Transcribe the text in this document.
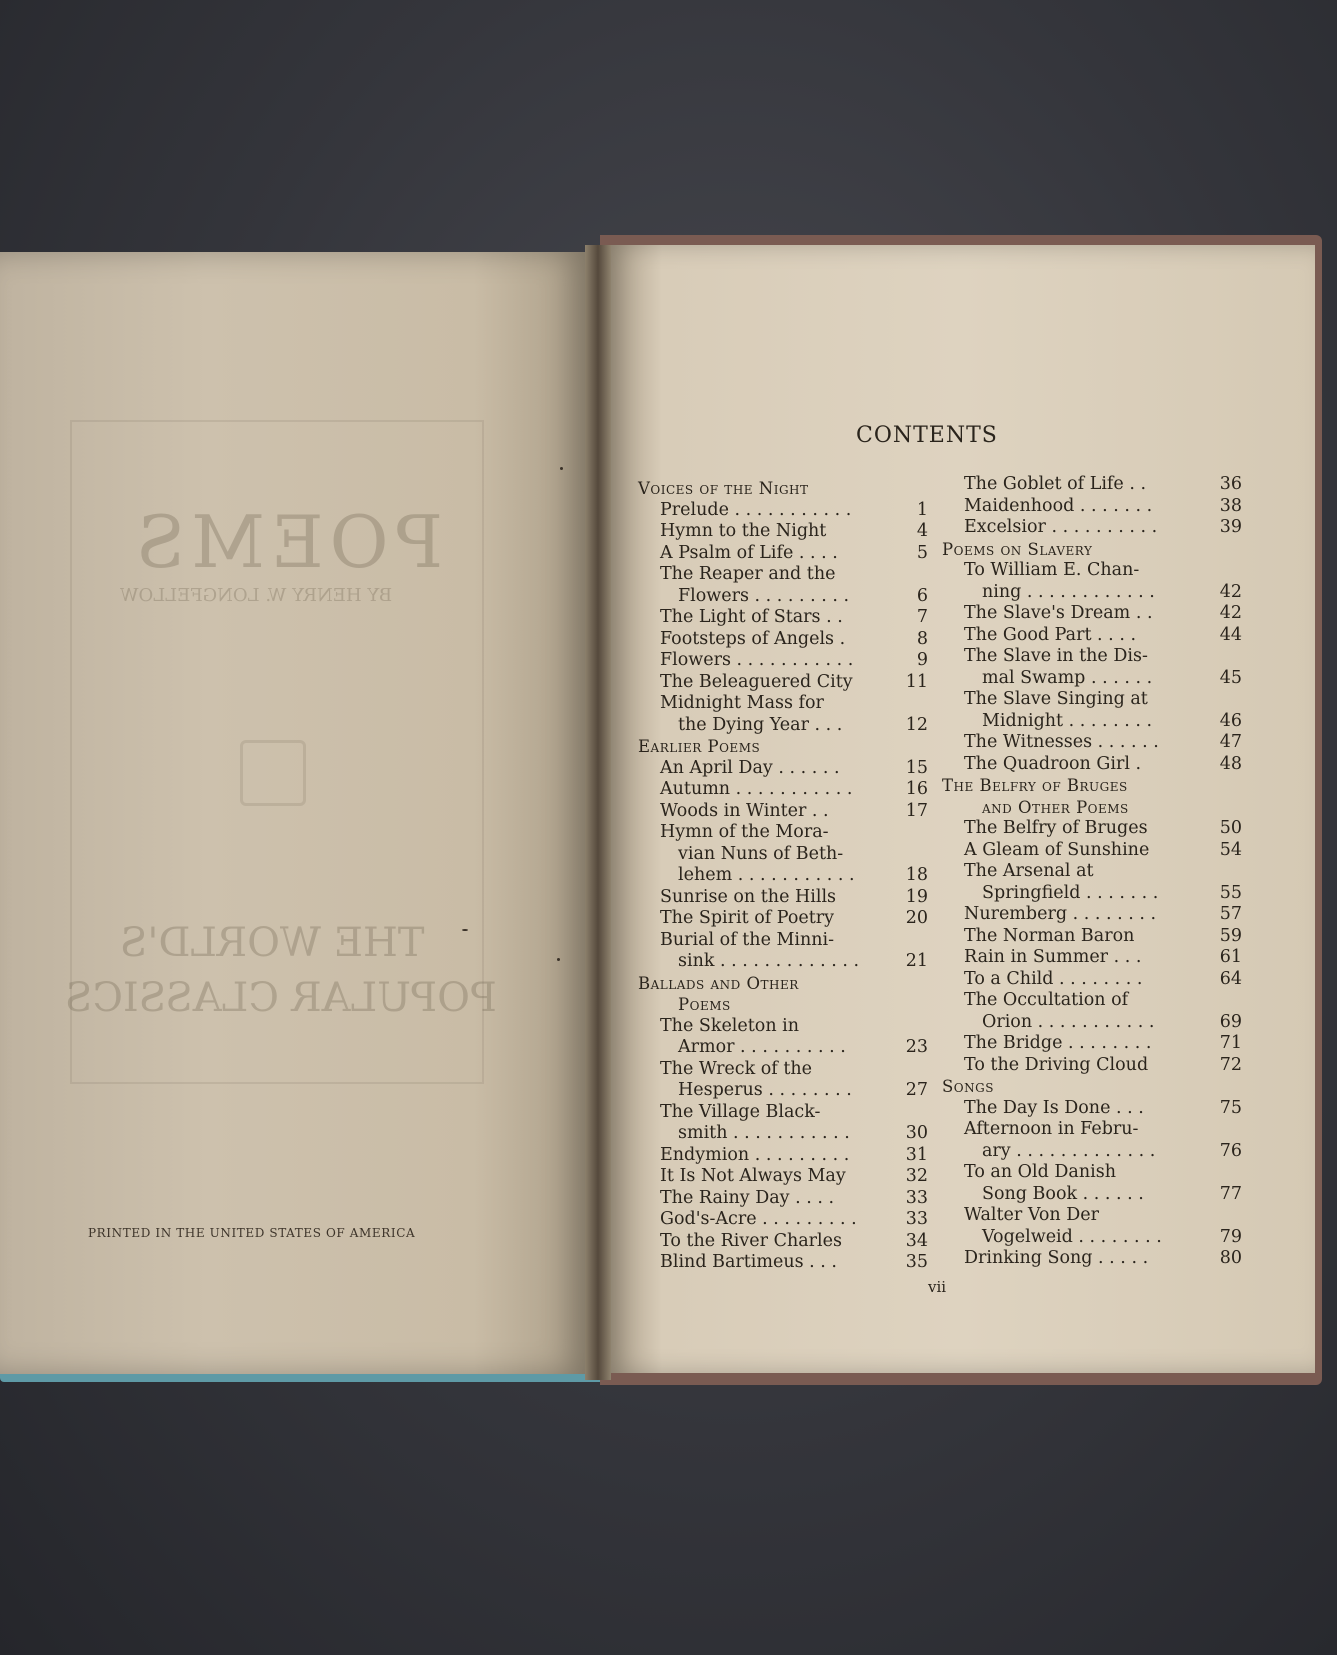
POEMS
BY HENRY W. LONGFELLOW
THE WORLD'S
POPULAR CLASSICS
PRINTED IN THE UNITED STATES OF AMERICA
CONTENTS
Voices of the Night
Prelude . . . . . . . . . . .	1
Hymn to the Night	4
A Psalm of Life . . . .	5
The Reaper and the
Flowers . . . . . . . . .	6
The Light of Stars . .	7
Footsteps of Angels .	8
Flowers . . . . . . . . . . .	9
The Beleaguered City	11
Midnight Mass for
the Dying Year . . .	12
Earlier Poems
An April Day . . . . . .	15
Autumn . . . . . . . . . . .	16
Woods in Winter . .	17
Hymn of the Mora-
vian Nuns of Beth-
lehem . . . . . . . . . . .	18
Sunrise on the Hills	19
The Spirit of Poetry	20
Burial of the Minni-
sink . . . . . . . . . . . . .	21
Ballads and Other
Poems
The Skeleton in
Armor . . . . . . . . . .	23
The Wreck of the
Hesperus . . . . . . . .	27
The Village Black-
smith . . . . . . . . . . .	30
Endymion . . . . . . . . .	31
It Is Not Always May	32
The Rainy Day . . . .	33
God's-Acre . . . . . . . . .	33
To the River Charles	34
Blind Bartimeus . . .	35
The Goblet of Life . .	36
Maidenhood . . . . . . .	38
Excelsior . . . . . . . . . .	39
Poems on Slavery
To William E. Chan-
ning . . . . . . . . . . . .	42
The Slave's Dream . .	42
The Good Part . . . .	44
The Slave in the Dis-
mal Swamp . . . . . .	45
The Slave Singing at
Midnight . . . . . . . .	46
The Witnesses . . . . . .	47
The Quadroon Girl .	48
The Belfry of Bruges
and Other Poems
The Belfry of Bruges	50
A Gleam of Sunshine	54
The Arsenal at
Springfield . . . . . . .	55
Nuremberg . . . . . . . .	57
The Norman Baron	59
Rain in Summer . . .	61
To a Child . . . . . . . .	64
The Occultation of
Orion . . . . . . . . . . .	69
The Bridge . . . . . . . .	71
To the Driving Cloud	72
Songs
The Day Is Done . . .	75
Afternoon in Febru-
ary . . . . . . . . . . . . .	76
To an Old Danish
Song Book . . . . . .	77
Walter Von Der
Vogelweid . . . . . . . .	79
Drinking Song . . . . .	80
vii
